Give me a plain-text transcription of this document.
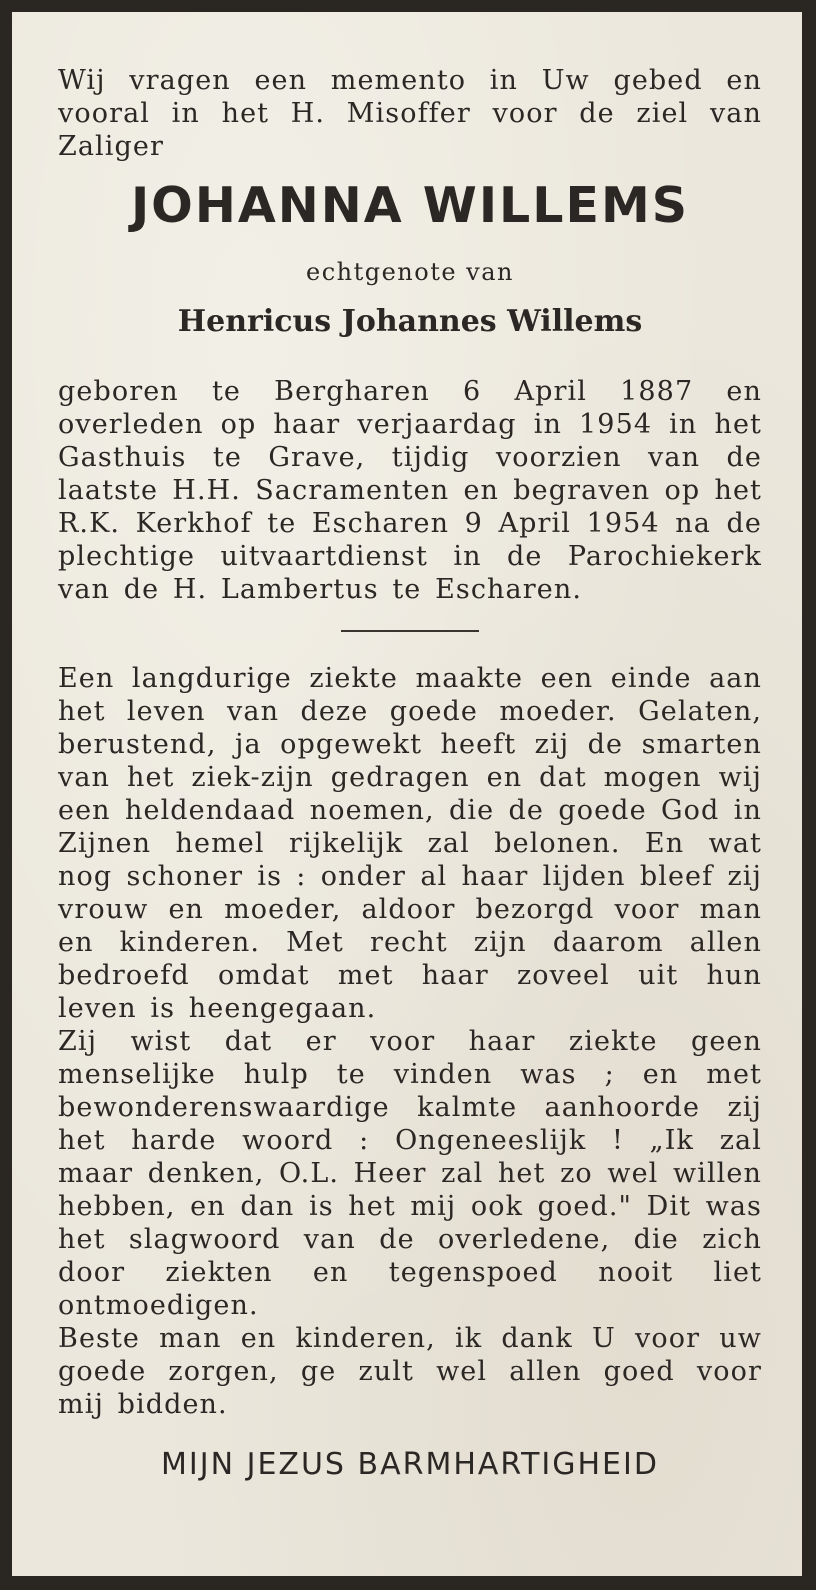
Wij vragen een memento in Uw gebed en vooral in het H. Misoffer voor de ziel van Zaliger

JOHANNA WILLEMS
echtgenote van
Henricus Johannes Willems

geboren te Bergharen 6 April 1887 en overleden op haar verjaardag in 1954 in het Gasthuis te Grave, tijdig voorzien van de laatste H.H. Sacramenten en begraven op het R.K. Kerkhof te Escharen 9 April 1954 na de plechtige uitvaartdienst in de Parochiekerk van de H. Lambertus te Escharen.

Een langdurige ziekte maakte een einde aan het leven van deze goede moeder. Gelaten, berustend, ja opgewekt heeft zij de smarten van het ziek-zijn gedragen en dat mogen wij een heldendaad noemen, die de goede God in Zijnen hemel rijkelijk zal belonen. En wat nog schoner is : onder al haar lijden bleef zij vrouw en moeder, aldoor bezorgd voor man en kinderen. Met recht zijn daarom allen bedroefd omdat met haar zoveel uit hun leven is heengegaan.

Zij wist dat er voor haar ziekte geen menselijke hulp te vinden was ; en met bewonderenswaardige kalmte aanhoorde zij het harde woord : Ongeneeslijk ! „Ik zal maar denken, O.L. Heer zal het zo wel willen hebben, en dan is het mij ook goed." Dit was het slagwoord van de overledene, die zich door ziekten en tegenspoed nooit liet ontmoedigen.

Beste man en kinderen, ik dank U voor uw goede zorgen, ge zult wel allen goed voor mij bidden.

MIJN JEZUS BARMHARTIGHEID
